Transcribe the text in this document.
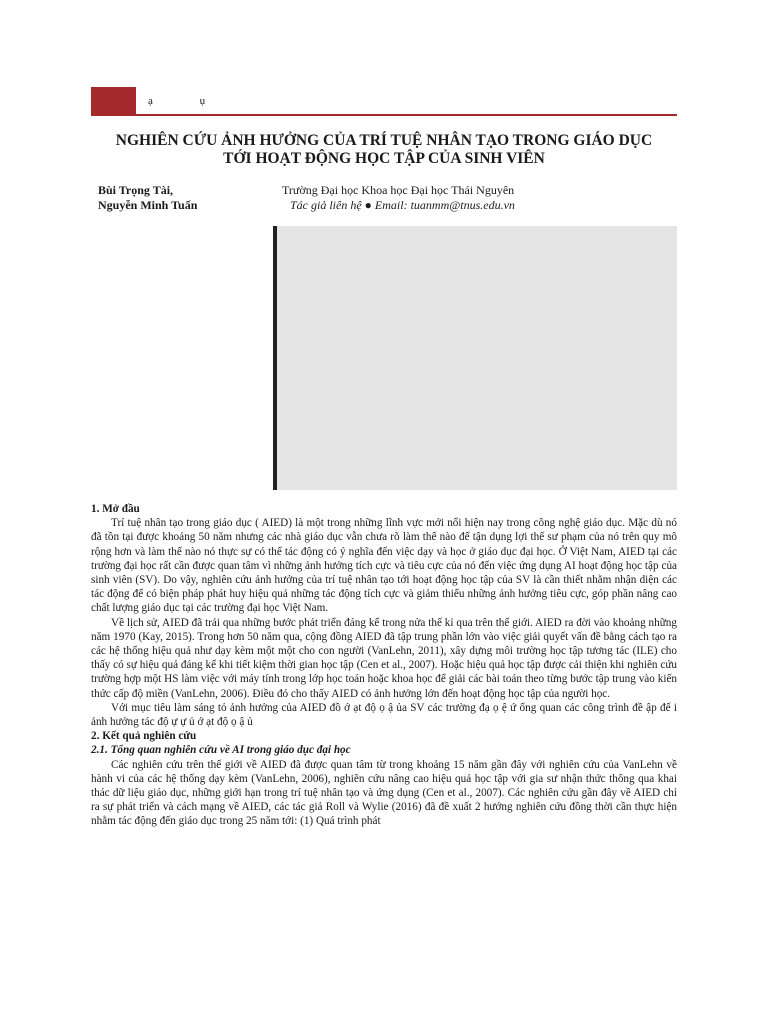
ạ ụ
NGHIÊN CỨU ẢNH HƯỞNG CỦA TRÍ TUỆ NHÂN TẠO TRONG GIÁO DỤC
TỚI HOẠT ĐỘNG HỌC TẬP CỦA SINH VIÊN
Bùi Trọng Tài,
Nguyễn Minh Tuấn
Trường Đại học Khoa học Đại học Thái Nguyên
Tác giả liên hệ ● Email: tuanmm@tnus.edu.vn
1. Mở đầu

Trí tuệ nhân tạo trong giáo dục ( AIED) là một trong những lĩnh vực mới nổi hiện nay trong công nghệ giáo dục. Mặc dù nó đã tồn tại được khoảng 50 năm nhưng các nhà giáo dục vẫn chưa rõ làm thế nào để tận dụng lợi thế sư phạm của nó trên quy mô rộng hơn và làm thế nào nó thực sự có thể tác động có ý nghĩa đến việc dạy và học ở giáo dục đại học. Ở Việt Nam, AIED tại các trường đại học rất cần được quan tâm vì những ảnh hưởng tích cực và tiêu cực của nó đến việc ứng dụng AI hoạt động học tập của sinh viên (SV). Do vậy, nghiên cứu ảnh hưởng của trí tuệ nhân tạo tới hoạt động học tập của SV là cần thiết nhằm nhận diện các tác động để có biện pháp phát huy hiệu quả những tác động tích cực và giảm thiểu những ảnh hưởng tiêu cực, góp phần nâng cao chất lượng giáo dục tại các trường đại học Việt Nam.

Về lịch sử, AIED đã trải qua những bước phát triển đáng kể trong nửa thế kỉ qua trên thế giới. AIED ra đời vào khoảng những năm 1970 (Kay, 2015). Trong hơn 50 năm qua, cộng đồng AIED đã tập trung phần lớn vào việc giải quyết vấn đề bằng cách tạo ra các hệ thống hiệu quả như dạy kèm một một cho con người (VanLehn, 2011), xây dựng môi trường học tập tương tác (ILE) cho thấy có sự hiệu quả đáng kể khi tiết kiệm thời gian học tập (Cen et al., 2007). Hoặc hiệu quả học tập được cải thiện khi nghiên cứu trường hợp một HS làm việc với máy tính trong lớp học toán hoặc khoa học để giải các bài toán theo từng bước tập trung vào kiến thức cấp độ miền (VanLehn, 2006). Điều đó cho thấy AIED có ảnh hưởng lớn đến hoạt động học tập của người học.

Với mục tiêu làm sáng tỏ ảnh hưởng của AIED đồ ớ ạt độ ọ ậ ủa SV các trường đạ ọ ệ ứ ổng quan các công trình đề ập đế i ảnh hưởng tác độ ự ự ủ ớ ạt độ ọ ậ ủ

2. Kết quả nghiên cứu
2.1. Tổng quan nghiên cứu về AI trong giáo dục đại học

Các nghiên cứu trên thế giới về AIED đã được quan tâm từ trong khoảng 15 năm gần đây với nghiên cứu của VanLehn về hành vi của các hệ thống dạy kèm (VanLehn, 2006), nghiên cứu nâng cao hiệu quả học tập với gia sư nhận thức thông qua khai thác dữ liệu giáo dục, những giới hạn trong trí tuệ nhân tạo và ứng dụng (Cen et al., 2007). Các nghiên cứu gần đây về AIED chỉ ra sự phát triển và cách mạng về AIED, các tác giả Roll và Wylie (2016) đã đề xuất 2 hướng nghiên cứu đồng thời cần thực hiện nhằm tác động đến giáo dục trong 25 năm tới: (1) Quá trình phát
